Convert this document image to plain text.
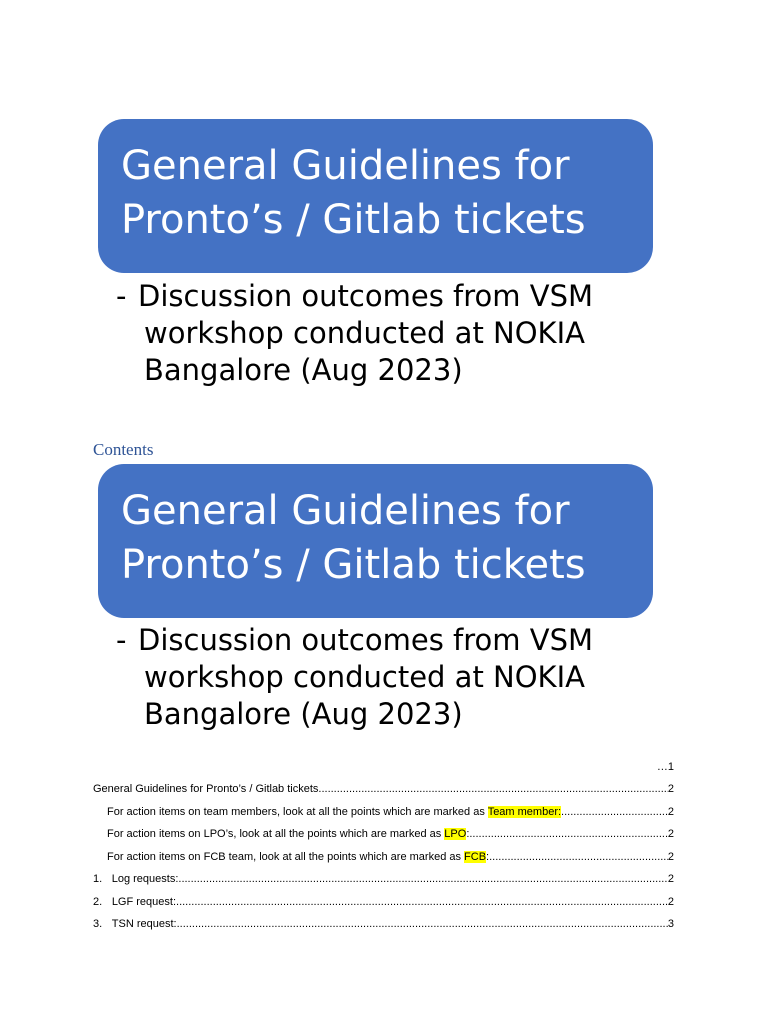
General Guidelines for
Pronto’s / Gitlab tickets
- Discussion outcomes from VSM
workshop conducted at NOKIA
Bangalore (Aug 2023)
Contents
General Guidelines for
Pronto’s / Gitlab tickets
- Discussion outcomes from VSM
workshop conducted at NOKIA
Bangalore (Aug 2023)
…1
General Guidelines for Pronto’s / Gitlab tickets .....	2
For action items on team members, look at all the points which are marked as Team member: .....	2
For action items on LPO’s, look at all the points which are marked as LPO: .....	2
For action items on FCB team, look at all the points which are marked as FCB: .....	2
1. Log requests: .....	2
2. LGF request: .....	2
3. TSN request: .....	3
